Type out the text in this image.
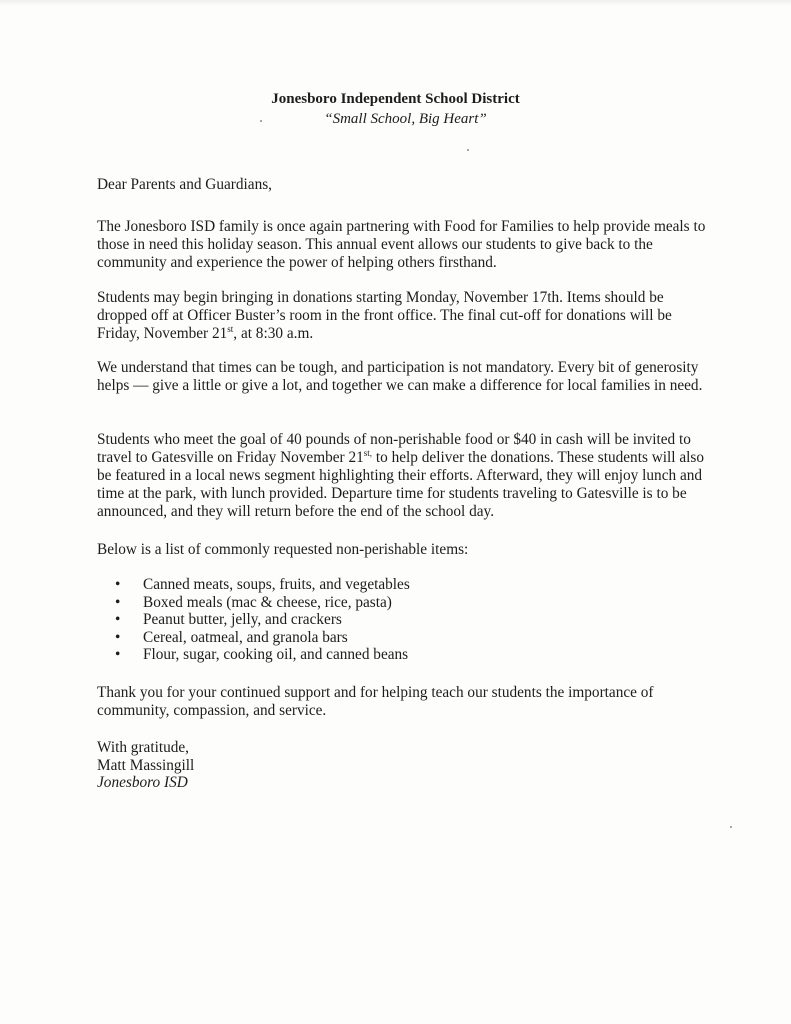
Jonesboro Independent School District
“Small School, Big Heart”

Dear Parents and Guardians,

The Jonesboro ISD family is once again partnering with Food for Families to help provide meals to those in need this holiday season. This annual event allows our students to give back to the community and experience the power of helping others firsthand.

Students may begin bringing in donations starting Monday, November 17th. Items should be dropped off at Officer Buster’s room in the front office. The final cut-off for donations will be Friday, November 21st, at 8:30 a.m.

We understand that times can be tough, and participation is not mandatory. Every bit of generosity helps — give a little or give a lot, and together we can make a difference for local families in need.

Students who meet the goal of 40 pounds of non-perishable food or $40 in cash will be invited to travel to Gatesville on Friday November $21^{st,}$ to help deliver the donations. These students will also be featured in a local news segment highlighting their efforts. Afterward, they will enjoy lunch and time at the park, with lunch provided. Departure time for students traveling to Gatesville is to be announced, and they will return before the end of the school day.

Below is a list of commonly requested non-perishable items:

• Canned meats, soups, fruits, and vegetables
• Boxed meals (mac & cheese, rice, pasta)
• Peanut butter, jelly, and crackers
• Cereal, oatmeal, and granola bars
• Flour, sugar, cooking oil, and canned beans

Thank you for your continued support and for helping teach our students the importance of community, compassion, and service.

With gratitude,
Matt Massingill
Jonesboro ISD
